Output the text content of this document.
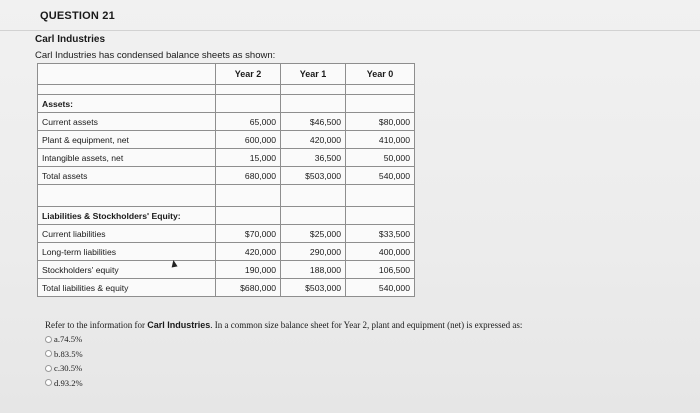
QUESTION 21
Carl Industries
Carl Industries has condensed balance sheets as shown:
	Year 2	Year 1	Year 0

Assets:			
Current assets	65,000	$46,500	$80,000
Plant & equipment, net	600,000	420,000	410,000
Intangible assets, net	15,000	36,500	50,000
Total assets	680,000	$503,000	540,000

Liabilities & Stockholders' Equity:			
Current liabilities	$70,000	$25,000	$33,500
Long-term liabilities	420,000	290,000	400,000
Stockholders' equity	190,000	188,000	106,500
Total liabilities & equity	$680,000	$503,000	540,000
Refer to the information for Carl Industries. In a common size balance sheet for Year 2, plant and equipment (net) is expressed as:
a. 74.5%
b. 83.5%
c. 30.5%
d. 93.2%
